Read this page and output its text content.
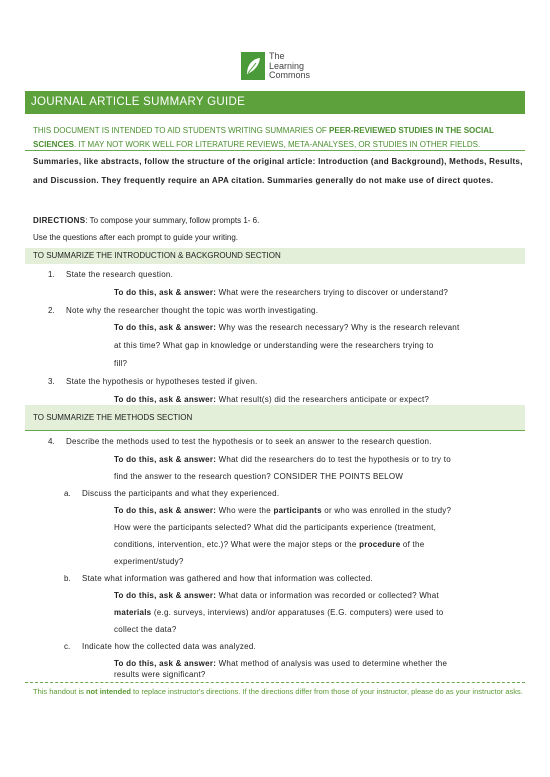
The
Learning
Commons
JOURNAL ARTICLE SUMMARY GUIDE
THIS DOCUMENT IS INTENDED TO AID STUDENTS WRITING SUMMARIES OF PEER-REVIEWED STUDIES IN THE SOCIAL SCIENCES. IT MAY NOT WORK WELL FOR LITERATURE REVIEWS, META-ANALYSES, OR STUDIES IN OTHER FIELDS.
Summaries, like abstracts, follow the structure of the original article: Introduction (and Background), Methods, Results, and Discussion. They frequently require an APA citation. Summaries generally do not make use of direct quotes.
DIRECTIONS: To compose your summary, follow prompts 1- 6.
Use the questions after each prompt to guide your writing.
TO SUMMARIZE THE INTRODUCTION & BACKGROUND SECTION
1. State the research question.
To do this, ask & answer: What were the researchers trying to discover or understand?
2. Note why the researcher thought the topic was worth investigating.
To do this, ask & answer: Why was the research necessary? Why is the research relevant
at this time? What gap in knowledge or understanding were the researchers trying to
fill?
3. State the hypothesis or hypotheses tested if given.
To do this, ask & answer: What result(s) did the researchers anticipate or expect?
TO SUMMARIZE THE METHODS SECTION
4. Describe the methods used to test the hypothesis or to seek an answer to the research question.
To do this, ask & answer: What did the researchers do to test the hypothesis or to try to
find the answer to the research question? CONSIDER THE POINTS BELOW
a. Discuss the participants and what they experienced.
To do this, ask & answer: Who were the participants or who was enrolled in the study?
How were the participants selected? What did the participants experience (treatment,
conditions, intervention, etc.)? What were the major steps or the procedure of the
experiment/study?
b. State what information was gathered and how that information was collected.
To do this, ask & answer: What data or information was recorded or collected? What
materials (e.g. surveys, interviews) and/or apparatuses (E.G. computers) were used to
collect the data?
c. Indicate how the collected data was analyzed.
To do this, ask & answer: What method of analysis was used to determine whether the
results were significant?
This handout is not intended to replace instructor's directions. If the directions differ from those of your instructor, please do as your instructor asks.
